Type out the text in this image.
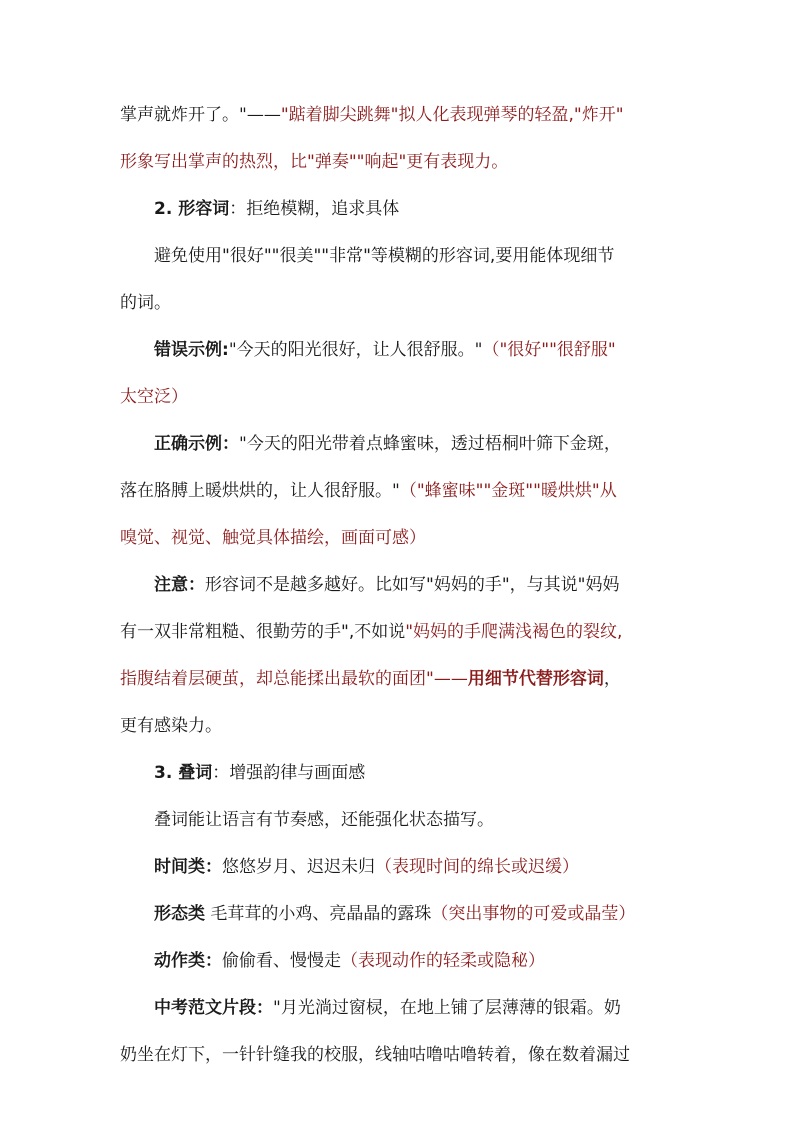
掌声就炸开了。"——"踮着脚尖跳舞"拟人化表现弹琴的轻盈,"炸开"
形象写出掌声的热烈，比"弹奏""响起"更有表现力。
2. 形容词：拒绝模糊，追求具体
避免使用"很好""很美""非常"等模糊的形容词,要用能体现细节
的词。
错误示例:"今天的阳光很好，让人很舒服。"（"很好""很舒服"
太空泛）
正确示例："今天的阳光带着点蜂蜜味，透过梧桐叶筛下金斑，
落在胳膊上暖烘烘的，让人很舒服。"（"蜂蜜味""金斑""暖烘烘"从
嗅觉、视觉、触觉具体描绘，画面可感）
注意：形容词不是越多越好。比如写"妈妈的手"，与其说"妈妈
有一双非常粗糙、很勤劳的手",不如说"妈妈的手爬满浅褐色的裂纹,
指腹结着层硬茧，却总能揉出最软的面团"——用细节代替形容词，
更有感染力。
3. 叠词：增强韵律与画面感
叠词能让语言有节奏感，还能强化状态描写。
时间类：悠悠岁月、迟迟未归（表现时间的绵长或迟缓）
形态类 毛茸茸的小鸡、亮晶晶的露珠（突出事物的可爱或晶莹）
动作类：偷偷看、慢慢走（表现动作的轻柔或隐秘）
中考范文片段："月光淌过窗棂，在地上铺了层薄薄的银霜。奶
奶坐在灯下，一针针缝我的校服，线轴咕噜咕噜转着，像在数着漏过
